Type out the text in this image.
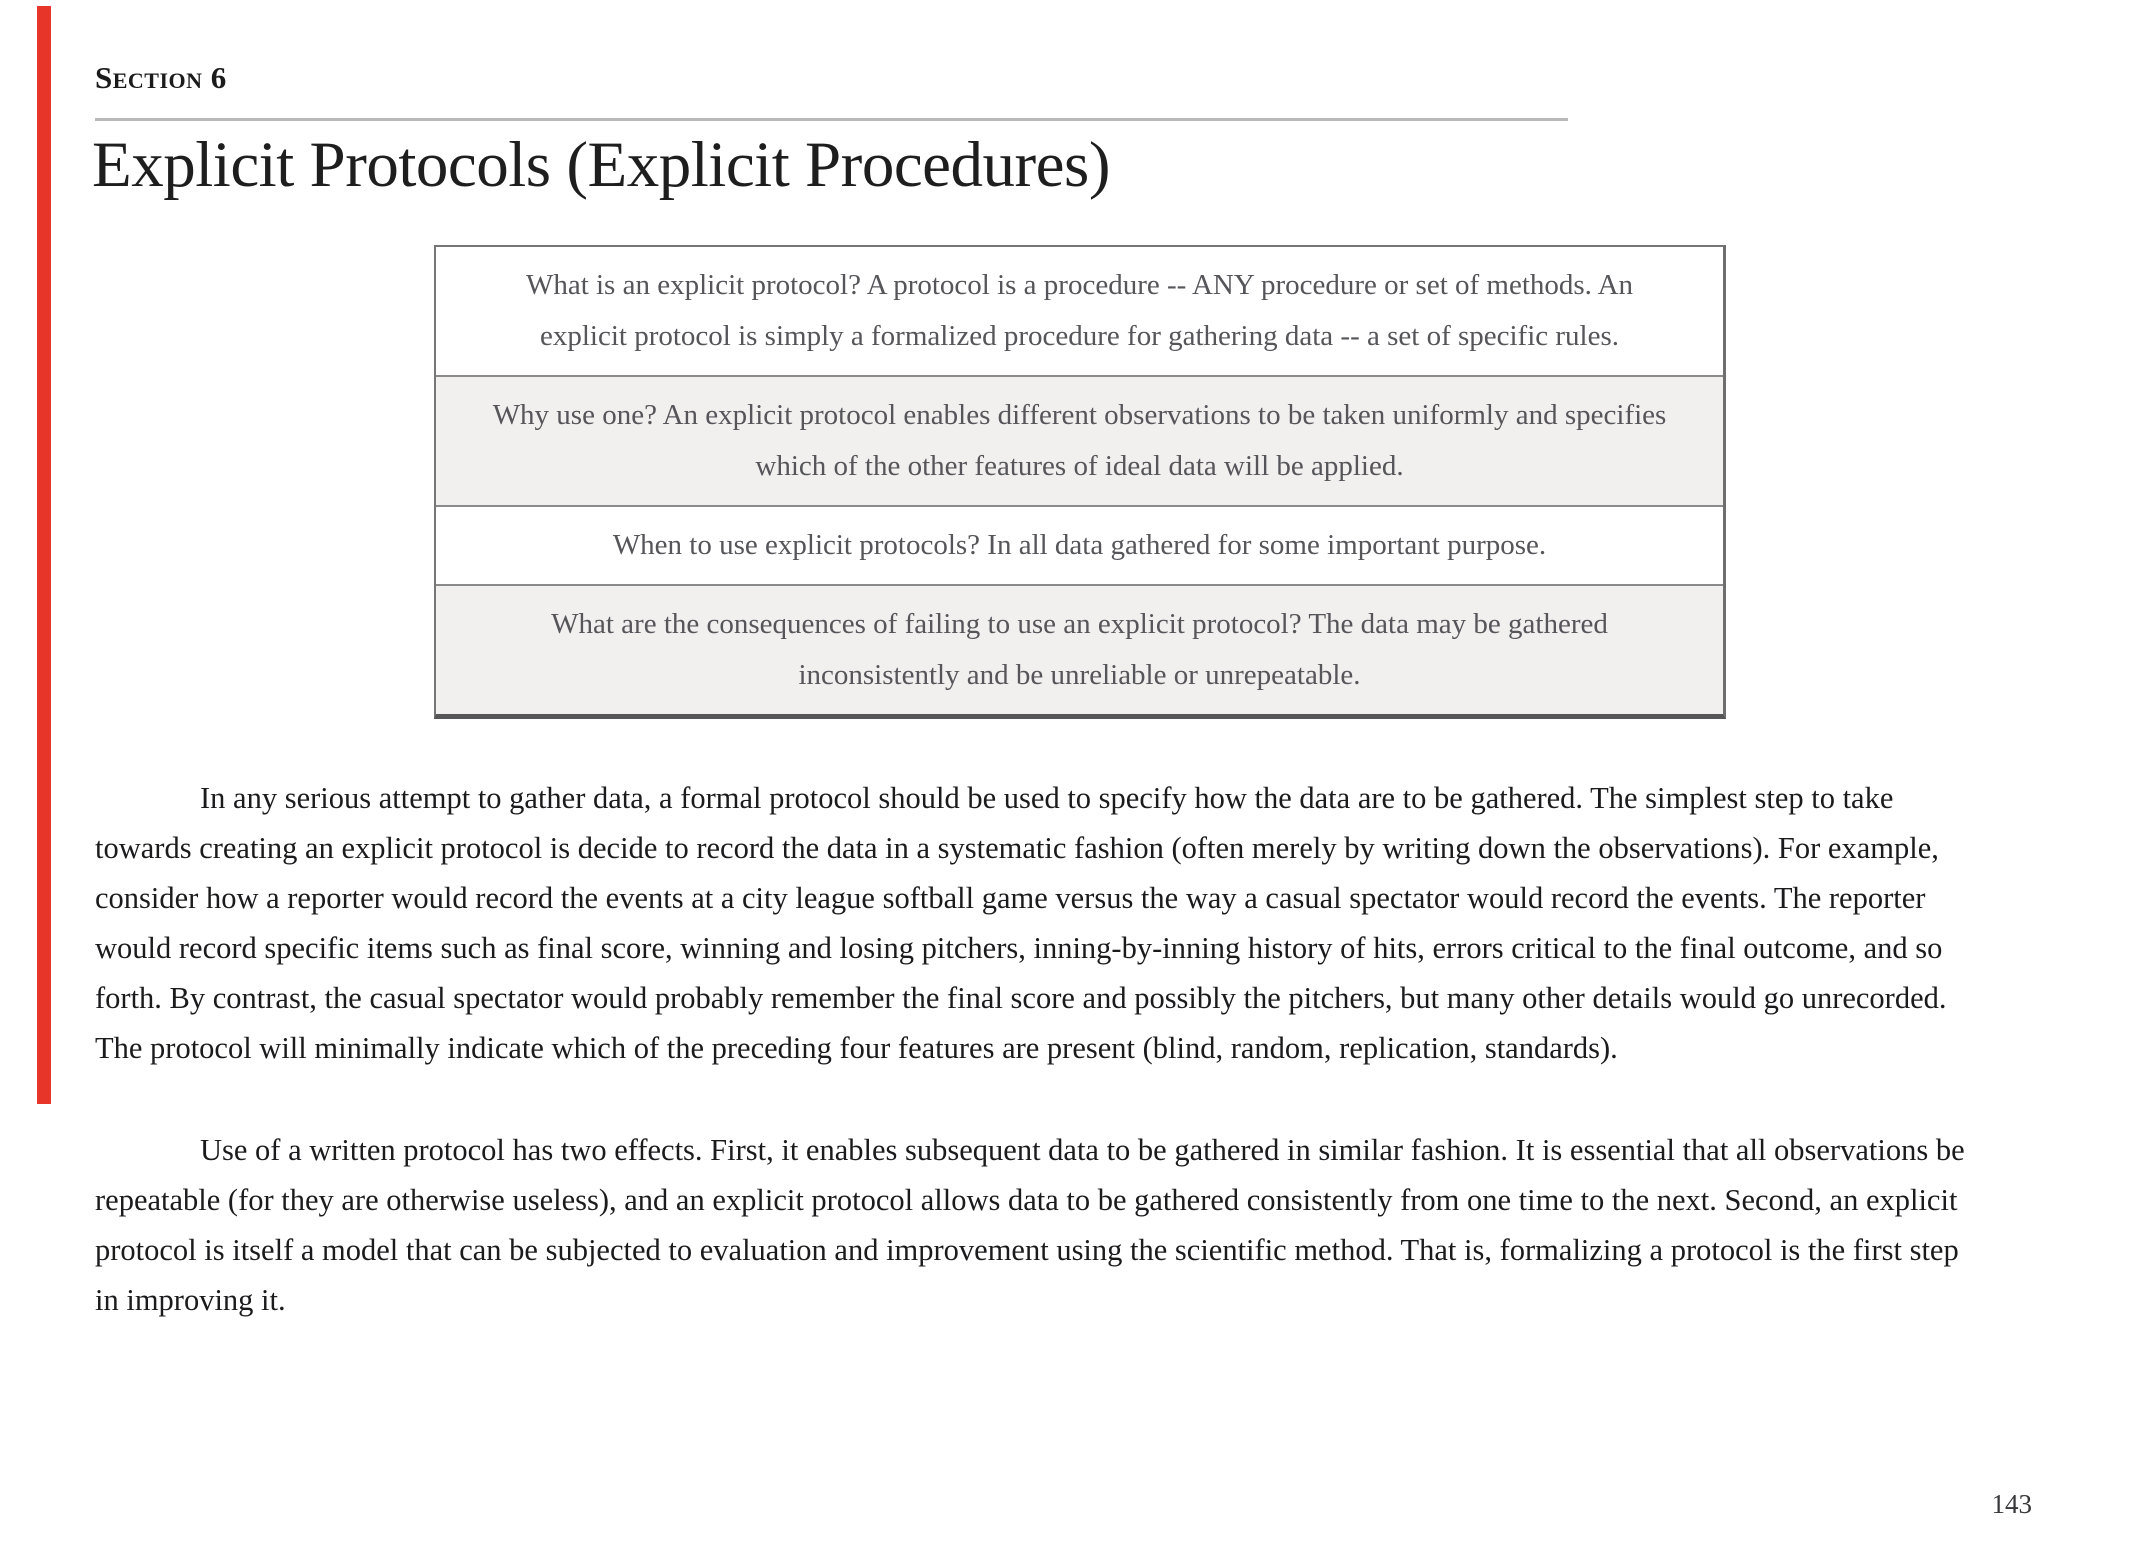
Section 6
Explicit Protocols (Explicit Procedures)

What is an explicit protocol? A protocol is a procedure -- ANY procedure or set of methods. An explicit protocol is simply a formalized procedure for gathering data -- a set of specific rules.

Why use one? An explicit protocol enables different observations to be taken uniformly and specifies which of the other features of ideal data will be applied.

When to use explicit protocols? In all data gathered for some important purpose.

What are the consequences of failing to use an explicit protocol? The data may be gathered inconsistently and be unreliable or unrepeatable.

In any serious attempt to gather data, a formal protocol should be used to specify how the data are to be gathered. The simplest step to take towards creating an explicit protocol is decide to record the data in a systematic fashion (often merely by writing down the observations). For example, consider how a reporter would record the events at a city league softball game versus the way a casual spectator would record the events. The reporter would record specific items such as final score, winning and losing pitchers, inning-by-inning history of hits, errors critical to the final outcome, and so forth. By contrast, the casual spectator would probably remember the final score and possibly the pitchers, but many other details would go unrecorded. The protocol will minimally indicate which of the preceding four features are present (blind, random, replication, standards).

Use of a written protocol has two effects. First, it enables subsequent data to be gathered in similar fashion. It is essential that all observations be repeatable (for they are otherwise useless), and an explicit protocol allows data to be gathered consistently from one time to the next. Second, an explicit protocol is itself a model that can be subjected to evaluation and improvement using the scientific method. That is, formalizing a protocol is the first step in improving it.

143
